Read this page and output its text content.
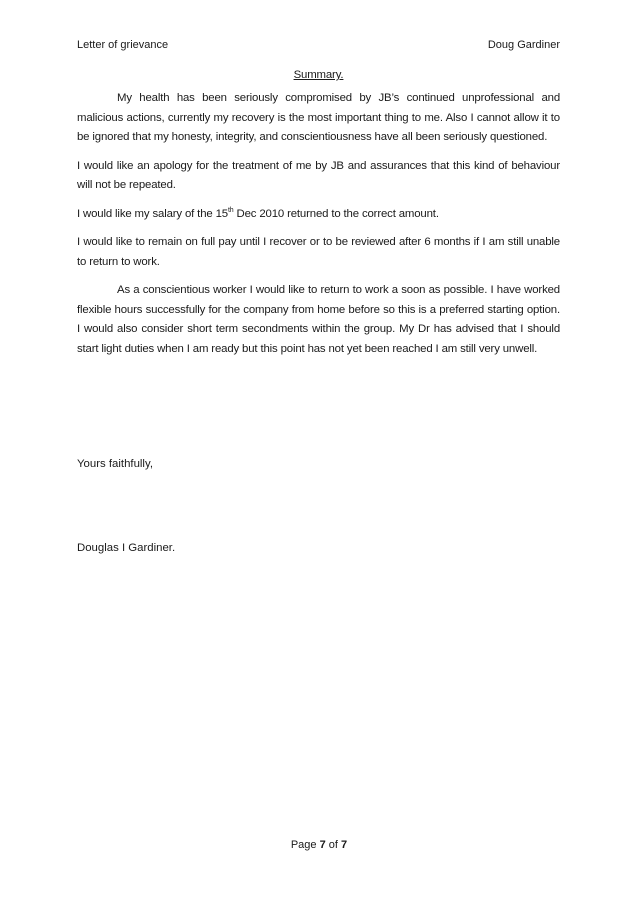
Letter of grievance	Doug Gardiner

Summary.

My health has been seriously compromised by JB’s continued unprofessional and malicious actions, currently my recovery is the most important thing to me. Also I cannot allow it to be ignored that my honesty, integrity, and conscientiousness have all been seriously questioned.

I would like an apology for the treatment of me by JB and assurances that this kind of behaviour will not be repeated.

I would like my salary of the 15th Dec 2010 returned to the correct amount.

I would like to remain on full pay until I recover or to be reviewed after 6 months if I am still unable to return to work.

As a conscientious worker I would like to return to work a soon as possible. I have worked flexible hours successfully for the company from home before so this is a preferred starting option. I would also consider short term secondments within the group. My Dr has advised that I should start light duties when I am ready but this point has not yet been reached I am still very unwell.

Yours faithfully,
Douglas I Gardiner.
Page 7 of 7
